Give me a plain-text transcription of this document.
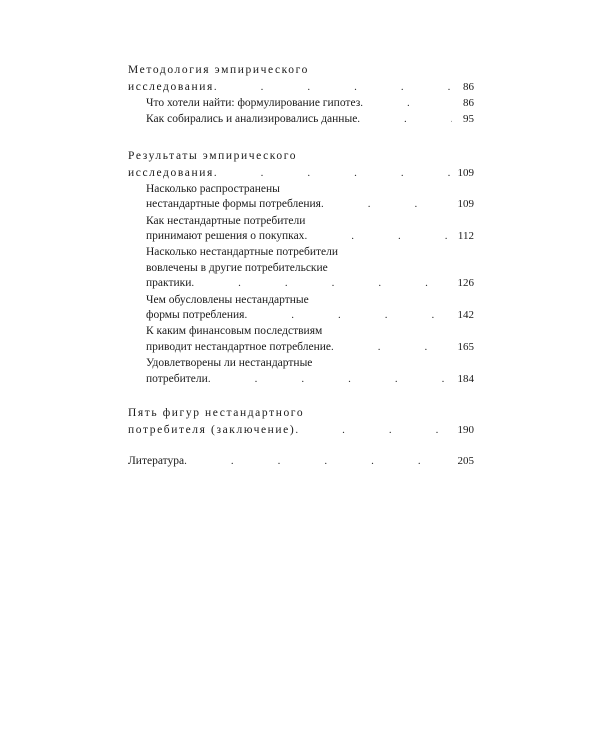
Методология эмпирического
исследования .	86
Что хотели найти: формулирование гипотез .	86
Как собирались и анализировались данные .	95
Результаты эмпирического
исследования .	109
Насколько распространены
нестандартные формы потребления .	109
Как нестандартные потребители
принимают решения о покупках .	112
Насколько нестандартные потребители
вовлечены в другие потребительские
практики .	126
Чем обусловлены нестандартные
формы потребления .	142
К каким финансовым последствиям
приводит нестандартное потребление .	165
Удовлетворены ли нестандартные
потребители .	184
Пять фигур нестандартного
потребителя (заключение) .	190
Литература .	205
